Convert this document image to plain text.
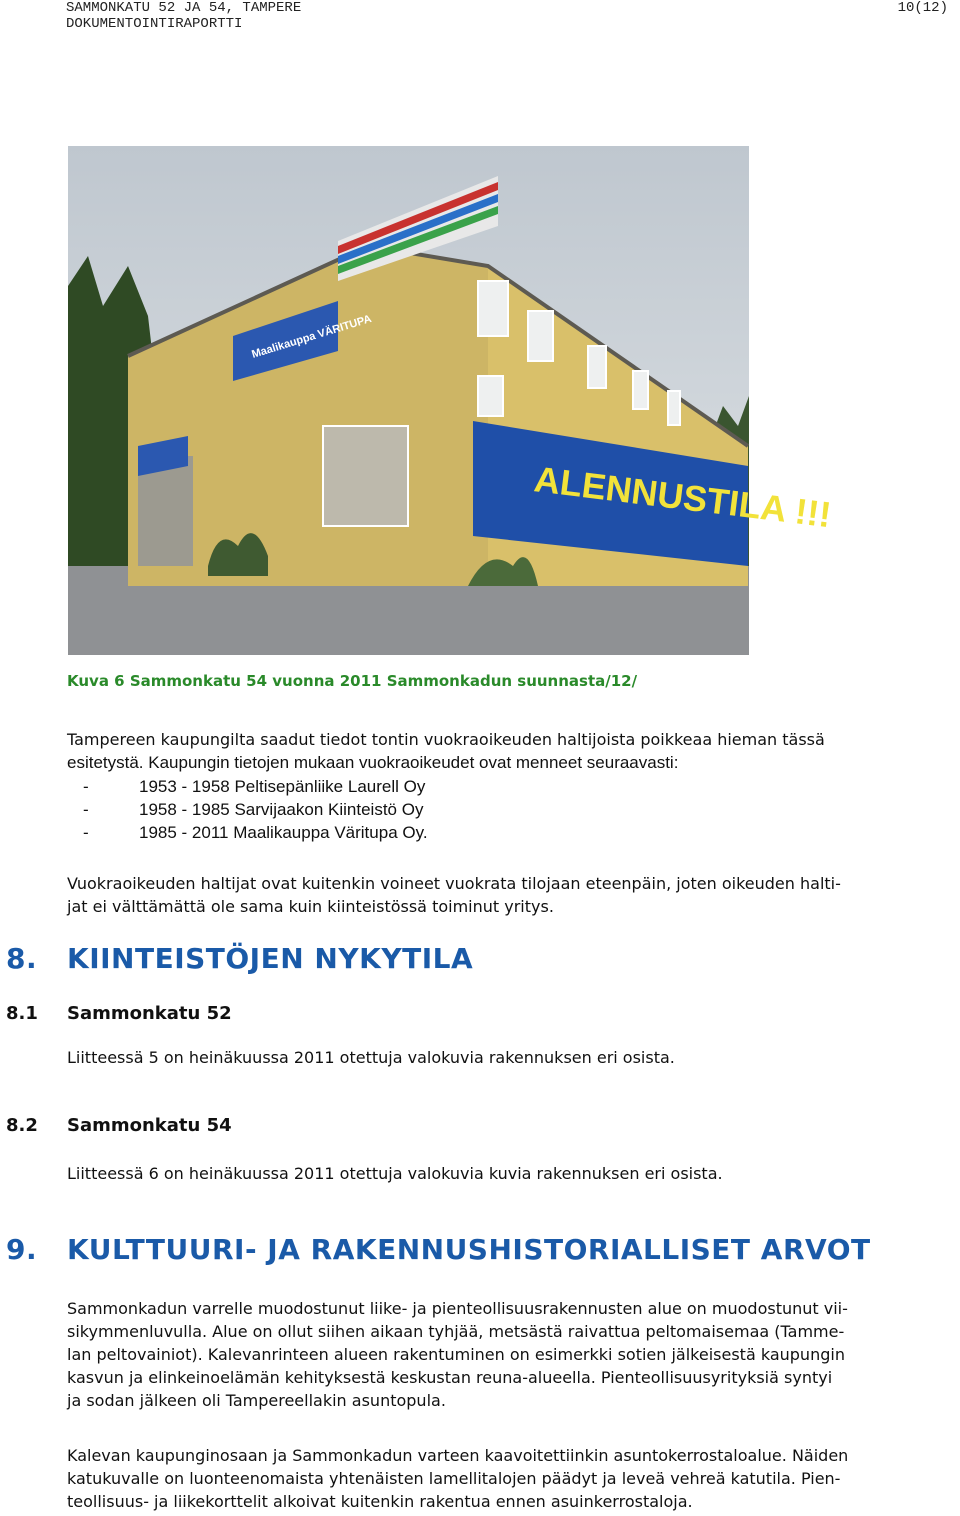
SAMMONKATU 52 JA 54, TAMPERE
DOKUMENTOINTIRAPORTTI
10(12)
Maalikauppa VÄRITUPA
ALENNUSTILA !!!
Kuva 6 Sammonkatu 54 vuonna 2011 Sammonkadun suunnasta/12/

Tampereen kaupungilta saadut tiedot tontin vuokraoikeuden haltijoista poikkeaa hieman tässä

esitetystä. Kaupungin tietojen mukaan vuokraoikeudet ovat menneet seuraavasti:

-	1953 - 1958 Peltisepänliike Laurell Oy
-	1958 - 1985 Sarvijaakon Kiinteistö Oy
-	1985 - 2011 Maalikauppa Väritupa Oy.

Vuokraoikeuden haltijat ovat kuitenkin voineet vuokrata tilojaan eteenpäin, joten oikeuden halti-

jat ei välttämättä ole sama kuin kiinteistössä toiminut yritys.

8. KIINTEISTÖJEN NYKYTILA
8.1 Sammonkatu 52
Liitteessä 5 on heinäkuussa 2011 otettuja valokuvia rakennuksen eri osista.
8.2 Sammonkatu 54
Liitteessä 6 on heinäkuussa 2011 otettuja valokuvia kuvia rakennuksen eri osista.
9. KULTTUURI- JA RAKENNUSHISTORIALLISET ARVOT

Sammonkadun varrelle muodostunut liike- ja pienteollisuusrakennusten alue on muodostunut vii-

sikymmenluvulla. Alue on ollut siihen aikaan tyhjää, metsästä raivattua peltomaisemaa (Tamme-

lan peltovainiot). Kalevanrinteen alueen rakentuminen on esimerkki sotien jälkeisestä kaupungin

kasvun ja elinkeinoelämän kehityksestä keskustan reuna-alueella. Pienteollisuusyrityksiä syntyi

ja sodan jälkeen oli Tampereellakin asuntopula.

Kalevan kaupunginosaan ja Sammonkadun varteen kaavoitettiinkin asuntokerrostaloalue. Näiden

katukuvalle on luonteenomaista yhtenäisten lamellitalojen päädyt ja leveä vehreä katutila. Pien-

teollisuus- ja liikekorttelit alkoivat kuitenkin rakentua ennen asuinkerrostaloja.
